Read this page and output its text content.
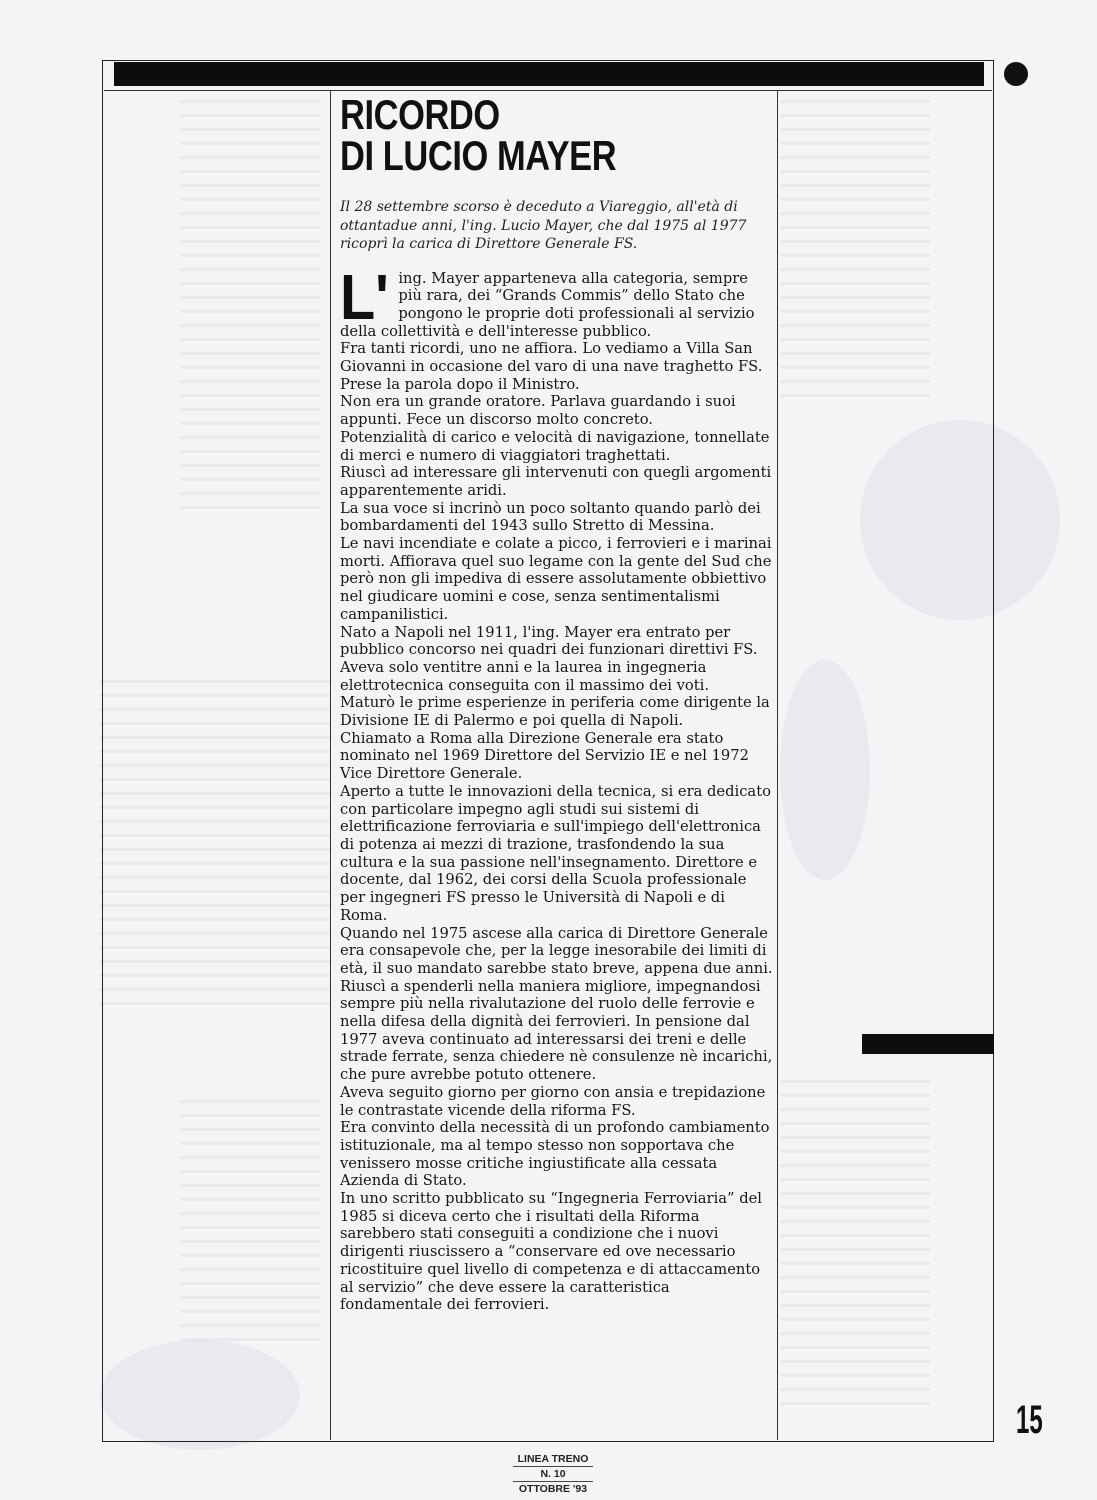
RICORDO
DI LUCIO MAYER

Il 28 settembre scorso è deceduto a Viareggio, all'età di ottantadue anni, l'ing. Lucio Mayer, che dal 1975 al 1977 ricoprì la carica di Direttore Generale FS.

L' ing. Mayer apparteneva alla categoria, sempre più rara, dei “Grands Commis” dello Stato che pongono le proprie doti professionali al servizio della collettività e dell'interesse pubblico.

Fra tanti ricordi, uno ne affiora. Lo vediamo a Villa San Giovanni in occasione del varo di una nave traghetto FS. Prese la parola dopo il Ministro.

Non era un grande oratore. Parlava guardando i suoi appunti. Fece un discorso molto concreto.

Potenzialità di carico e velocità di navigazione, tonnellate di merci e numero di viaggiatori traghettati.

Riuscì ad interessare gli intervenuti con quegli argomenti apparentemente aridi.

La sua voce si incrinò un poco soltanto quando parlò dei bombardamenti del 1943 sullo Stretto di Messina.

Le navi incendiate e colate a picco, i ferrovieri e i marinai morti. Affiorava quel suo legame con la gente del Sud che però non gli impediva di essere assolutamente obbiettivo nel giudicare uomini e cose, senza sentimentalismi campanilistici.

Nato a Napoli nel 1911, l'ing. Mayer era entrato per pubblico concorso nei quadri dei funzionari direttivi FS. Aveva solo ventitre anni e la laurea in ingegneria elettrotecnica conseguita con il massimo dei voti.

Maturò le prime esperienze in periferia come dirigente la Divisione IE di Palermo e poi quella di Napoli.

Chiamato a Roma alla Direzione Generale era stato nominato nel 1969 Direttore del Servizio IE e nel 1972 Vice Direttore Generale.

Aperto a tutte le innovazioni della tecnica, si era dedicato con particolare impegno agli studi sui sistemi di elettrificazione ferroviaria e sull'impiego dell'elettronica di potenza ai mezzi di trazione, trasfondendo la sua cultura e la sua passione nell'insegnamento. Direttore e docente, dal 1962, dei corsi della Scuola professionale per ingegneri FS presso le Università di Napoli e di Roma.

Quando nel 1975 ascese alla carica di Direttore Generale era consapevole che, per la legge inesorabile dei limiti di età, il suo mandato sarebbe stato breve, appena due anni. Riuscì a spenderli nella maniera migliore, impegnandosi sempre più nella rivalutazione del ruolo delle ferrovie e nella difesa della dignità dei ferrovieri. In pensione dal 1977 aveva continuato ad interessarsi dei treni e delle strade ferrate, senza chiedere nè consulenze nè incarichi, che pure avrebbe potuto ottenere.

Aveva seguito giorno per giorno con ansia e trepidazione le contrastate vicende della riforma FS.

Era convinto della necessità di un profondo cambiamento istituzionale, ma al tempo stesso non sopportava che venissero mosse critiche ingiustificate alla cessata Azienda di Stato.

In uno scritto pubblicato su “Ingegneria Ferroviaria” del 1985 si diceva certo che i risultati della Riforma sarebbero stati conseguiti a condizione che i nuovi dirigenti riuscissero a “conservare ed ove necessario ricostituire quel livello di competenza e di attaccamento al servizio” che deve essere la caratteristica fondamentale dei ferrovieri.

15
LINEA TRENO
N. 10
OTTOBRE '93
